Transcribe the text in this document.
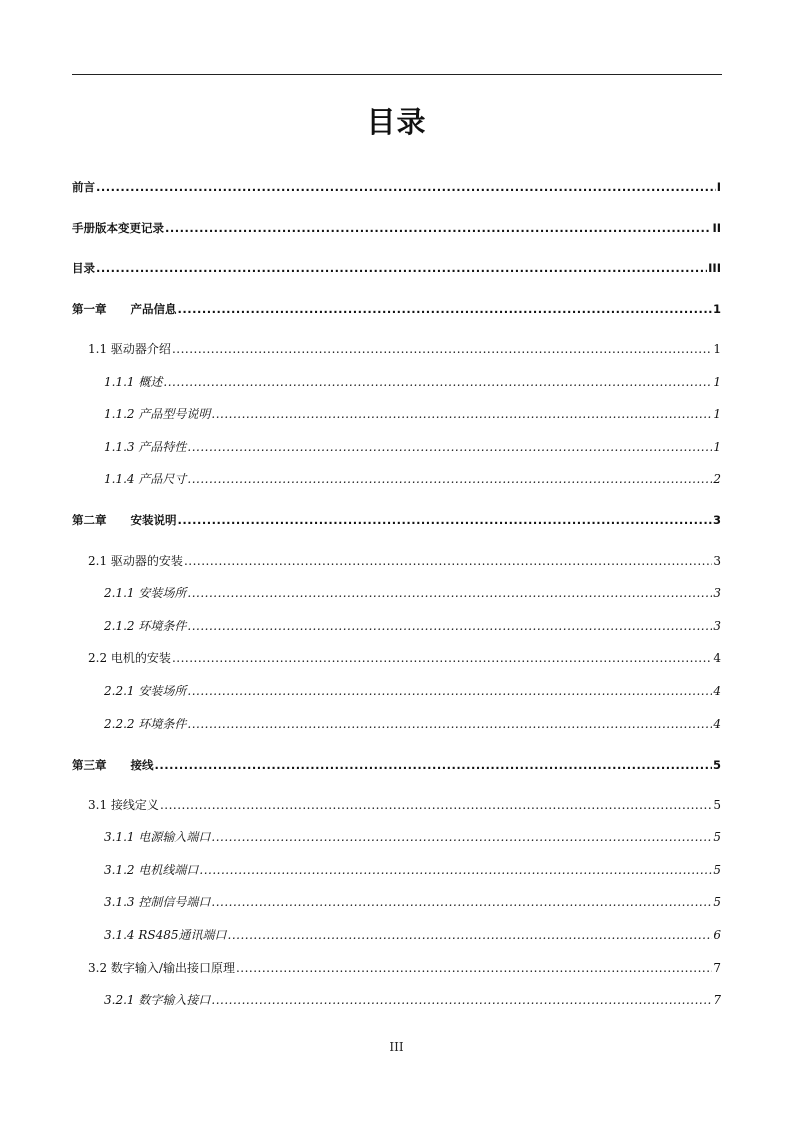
目录
前言 .....	I
手册版本变更记录 .....	II
目录 .....	III
第一章 产品信息 .....	1
1.1 驱动器介绍 .....	1
1.1.1 概述 .....	1
1.1.2 产品型号说明 .....	1
1.1.3 产品特性 .....	1
1.1.4 产品尺寸 .....	2
第二章 安装说明 .....	3
2.1 驱动器的安装 .....	3
2.1.1 安装场所 .....	3
2.1.2 环境条件 .....	3
2.2 电机的安装 .....	4
2.2.1 安装场所 .....	4
2.2.2 环境条件 .....	4
第三章 接线 .....	5
3.1 接线定义 .....	5
3.1.1 电源输入端口 .....	5
3.1.2 电机线端口 .....	5
3.1.3 控制信号端口 .....	5
3.1.4 RS485通讯端口 .....	6
3.2 数字输入/输出接口原理 .....	7
3.2.1 数字输入接口 .....	7
III
